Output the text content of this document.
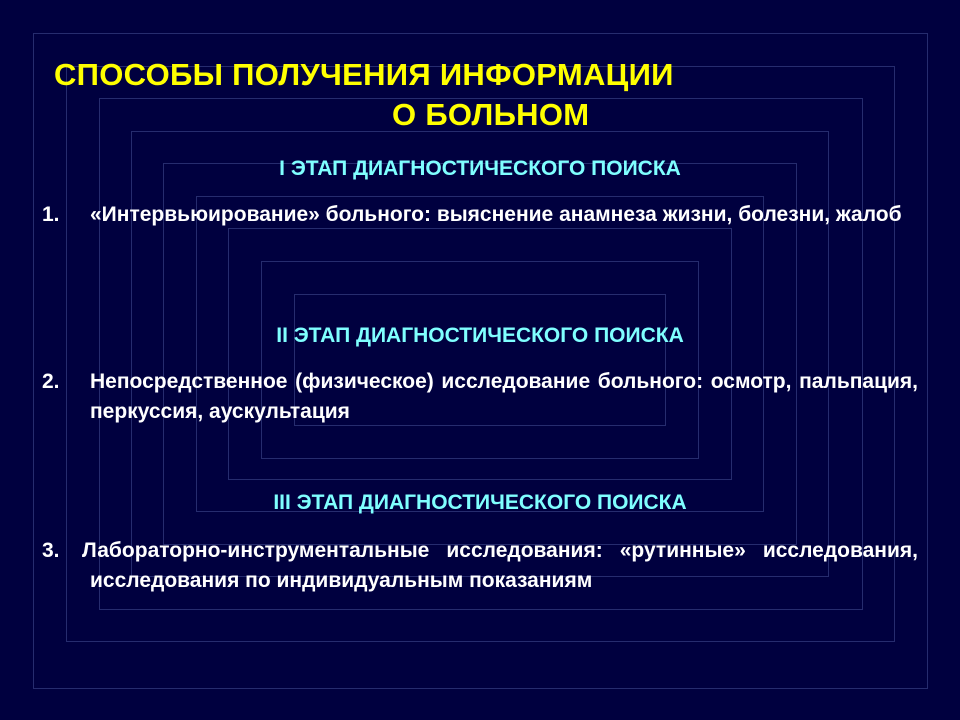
СПОСОБЫ ПОЛУЧЕНИЯ ИНФОРМАЦИИ
О БОЛЬНОМ
I ЭТАП ДИАГНОСТИЧЕСКОГО ПОИСКА
1. «Интервьюирование» больного: выяснение анамнеза жизни, болезни, жалоб
II ЭТАП ДИАГНОСТИЧЕСКОГО ПОИСКА
2. Непосредственное (физическое) исследование больного: осмотр, пальпация, перкуссия, аускультация
III ЭТАП ДИАГНОСТИЧЕСКОГО ПОИСКА
3. Лабораторно-инструментальные исследования: «рутинные» исследования, исследования по индивидуальным показаниям
